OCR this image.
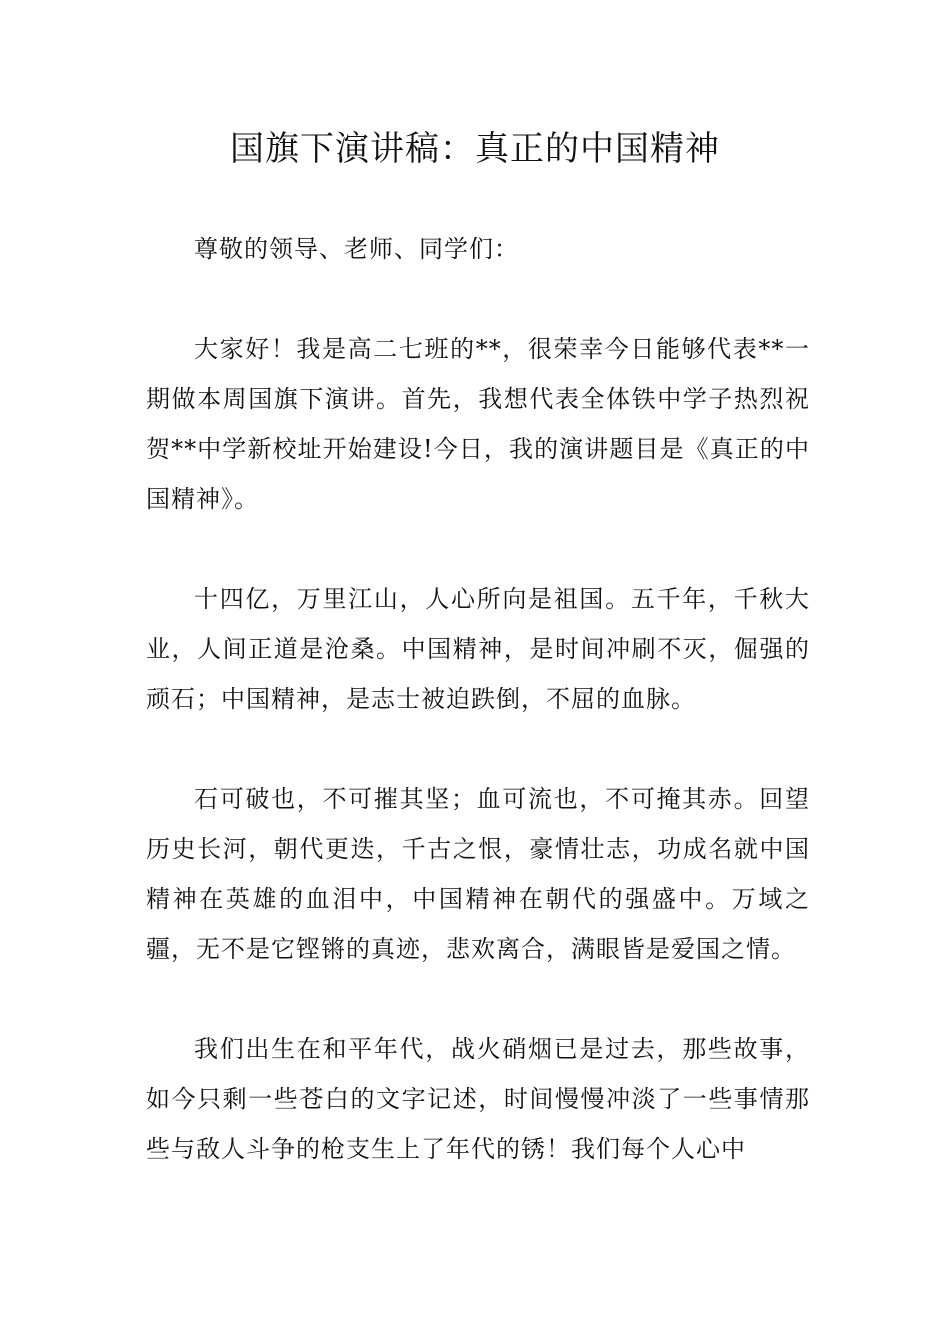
国旗下演讲稿：真正的中国精神

尊敬的领导、老师、同学们：

大家好！我是高二七班的**，很荣幸今日能够代表**一期做本周国旗下演讲。首先，我想代表全体铁中学子热烈祝贺**中学新校址开始建设!今日，我的演讲题目是《真正的中国精神》。

十四亿，万里江山，人心所向是祖国。五千年，千秋大业，人间正道是沧桑。中国精神，是时间冲刷不灭，倔强的顽石；中国精神，是志士被迫跌倒，不屈的血脉。

石可破也，不可摧其坚；血可流也，不可掩其赤。回望历史长河，朝代更迭，千古之恨，豪情壮志，功成名就中国精神在英雄的血泪中，中国精神在朝代的强盛中。万域之疆，无不是它铿锵的真迹，悲欢离合，满眼皆是爱国之情。

我们出生在和平年代，战火硝烟已是过去，那些故事，如今只剩一些苍白的文字记述，时间慢慢冲淡了一些事情那些与敌人斗争的枪支生上了年代的锈！我们每个人心中
